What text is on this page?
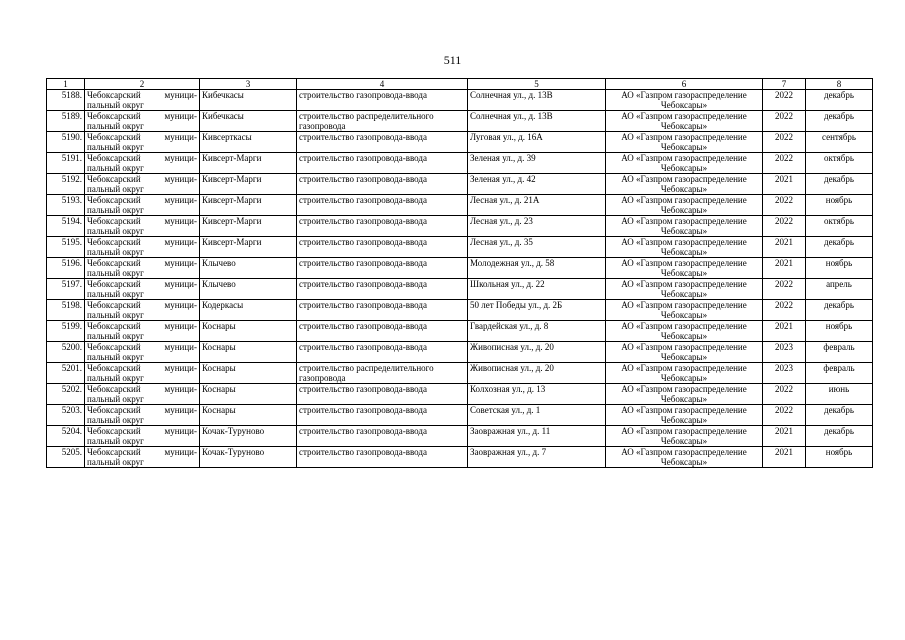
511
1	2	3	4	5	6	7	8
5188.	Чебоксарский муници-пальный округ	Кибечкасы	строительство газопровода-ввода	Солнечная ул., д. 13В	АО «Газпром газораспределение Чебоксары»	2022	декабрь
5189.	Чебоксарский муници-пальный округ	Кибечкасы	строительство распределительного газопровода	Солнечная ул., д. 13В	АО «Газпром газораспределение Чебоксары»	2022	декабрь
5190.	Чебоксарский муници-пальный округ	Кивсерткасы	строительство газопровода-ввода	Луговая ул., д. 16А	АО «Газпром газораспределение Чебоксары»	2022	сентябрь
5191.	Чебоксарский муници-пальный округ	Кивсерт-Марги	строительство газопровода-ввода	Зеленая ул., д. 39	АО «Газпром газораспределение Чебоксары»	2022	октябрь
5192.	Чебоксарский муници-пальный округ	Кивсерт-Марги	строительство газопровода-ввода	Зеленая ул., д. 42	АО «Газпром газораспределение Чебоксары»	2021	декабрь
5193.	Чебоксарский муници-пальный округ	Кивсерт-Марги	строительство газопровода-ввода	Лесная ул., д. 21А	АО «Газпром газораспределение Чебоксары»	2022	ноябрь
5194.	Чебоксарский муници-пальный округ	Кивсерт-Марги	строительство газопровода-ввода	Лесная ул., д. 23	АО «Газпром газораспределение Чебоксары»	2022	октябрь
5195.	Чебоксарский муници-пальный округ	Кивсерт-Марги	строительство газопровода-ввода	Лесная ул., д. 35	АО «Газпром газораспределение Чебоксары»	2021	декабрь
5196.	Чебоксарский муници-пальный округ	Клычево	строительство газопровода-ввода	Молодежная ул., д. 58	АО «Газпром газораспределение Чебоксары»	2021	ноябрь
5197.	Чебоксарский муници-пальный округ	Клычево	строительство газопровода-ввода	Школьная ул., д. 22	АО «Газпром газораспределение Чебоксары»	2022	апрель
5198.	Чебоксарский муници-пальный округ	Кодеркасы	строительство газопровода-ввода	50 лет Победы ул., д. 2Б	АО «Газпром газораспределение Чебоксары»	2022	декабрь
5199.	Чебоксарский муници-пальный округ	Коснары	строительство газопровода-ввода	Гвардейская ул., д. 8	АО «Газпром газораспределение Чебоксары»	2021	ноябрь
5200.	Чебоксарский муници-пальный округ	Коснары	строительство газопровода-ввода	Живописная ул., д. 20	АО «Газпром газораспределение Чебоксары»	2023	февраль
5201.	Чебоксарский муници-пальный округ	Коснары	строительство распределительного газопровода	Живописная ул., д. 20	АО «Газпром газораспределение Чебоксары»	2023	февраль
5202.	Чебоксарский муници-пальный округ	Коснары	строительство газопровода-ввода	Колхозная ул., д. 13	АО «Газпром газораспределение Чебоксары»	2022	июнь
5203.	Чебоксарский муници-пальный округ	Коснары	строительство газопровода-ввода	Советская ул., д. 1	АО «Газпром газораспределение Чебоксары»	2022	декабрь
5204.	Чебоксарский муници-пальный округ	Кочак-Туруново	строительство газопровода-ввода	Заовражная ул., д. 11	АО «Газпром газораспределение Чебоксары»	2021	декабрь
5205.	Чебоксарский муници-пальный округ	Кочак-Туруново	строительство газопровода-ввода	Заовражная ул., д. 7	АО «Газпром газораспределение Чебоксары»	2021	ноябрь
